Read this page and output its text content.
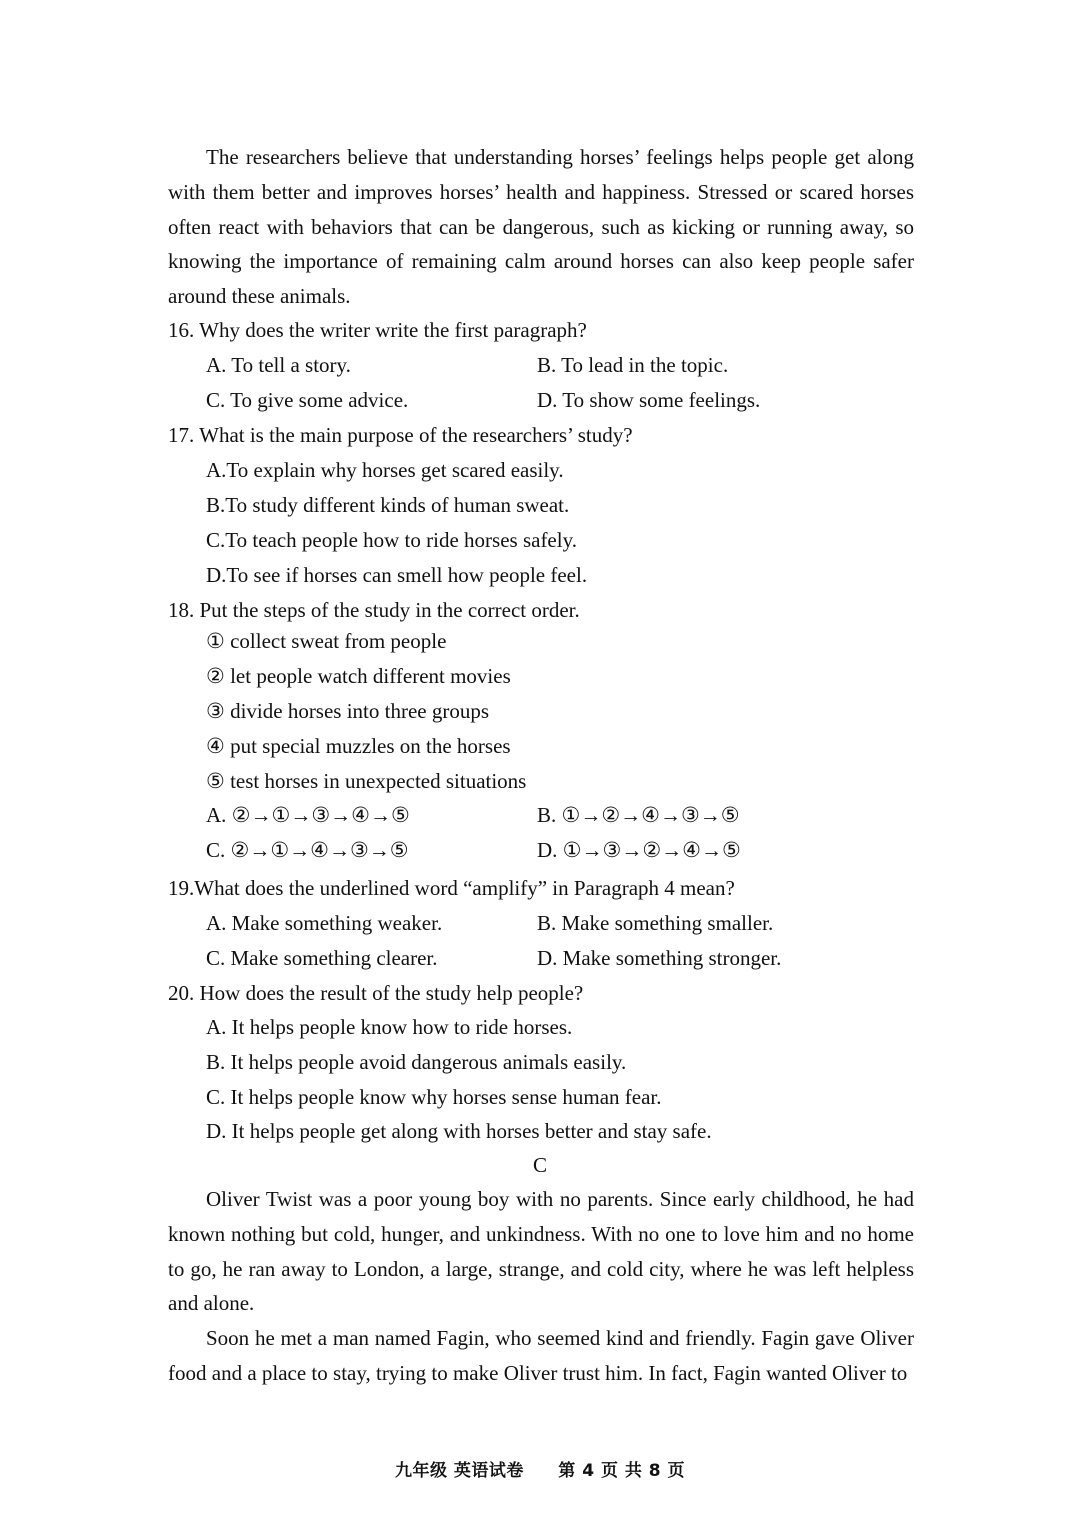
The researchers believe that understanding horses’ feelings helps people get along with them better and improves horses’ health and happiness. Stressed or scared horses often react with behaviors that can be dangerous, such as kicking or running away, so knowing the importance of remaining calm around horses can also keep people safer around these animals.

16. Why does the writer write the first paragraph?
A. To tell a story.	B. To lead in the topic.
C. To give some advice.	D. To show some feelings.
17. What is the main purpose of the researchers’ study?
A.To explain why horses get scared easily.
B.To study different kinds of human sweat.
C.To teach people how to ride horses safely.
D.To see if horses can smell how people feel.
18. Put the steps of the study in the correct order.
① collect sweat from people
② let people watch different movies
③ divide horses into three groups
④ put special muzzles on the horses
⑤ test horses in unexpected situations
A. ②→①→③→④→⑤	B. ①→②→④→③→⑤
C. ②→①→④→③→⑤	D. ①→③→②→④→⑤
19.What does the underlined word “amplify” in Paragraph 4 mean?
A. Make something weaker.	B. Make something smaller.
C. Make something clearer.	D. Make something stronger.
20. How does the result of the study help people?
A. It helps people know how to ride horses.
B. It helps people avoid dangerous animals easily.
C. It helps people know why horses sense human fear.
D. It helps people get along with horses better and stay safe.
C

Oliver Twist was a poor young boy with no parents. Since early childhood, he had known nothing but cold, hunger, and unkindness. With no one to love him and no home to go, he ran away to London, a large, strange, and cold city, where he was left helpless and alone.

Soon he met a man named Fagin, who seemed kind and friendly. Fagin gave Oliver food and a place to stay, trying to make Oliver trust him. In fact, Fagin wanted Oliver to

九年级 英语试卷 第 4 页 共 8 页
